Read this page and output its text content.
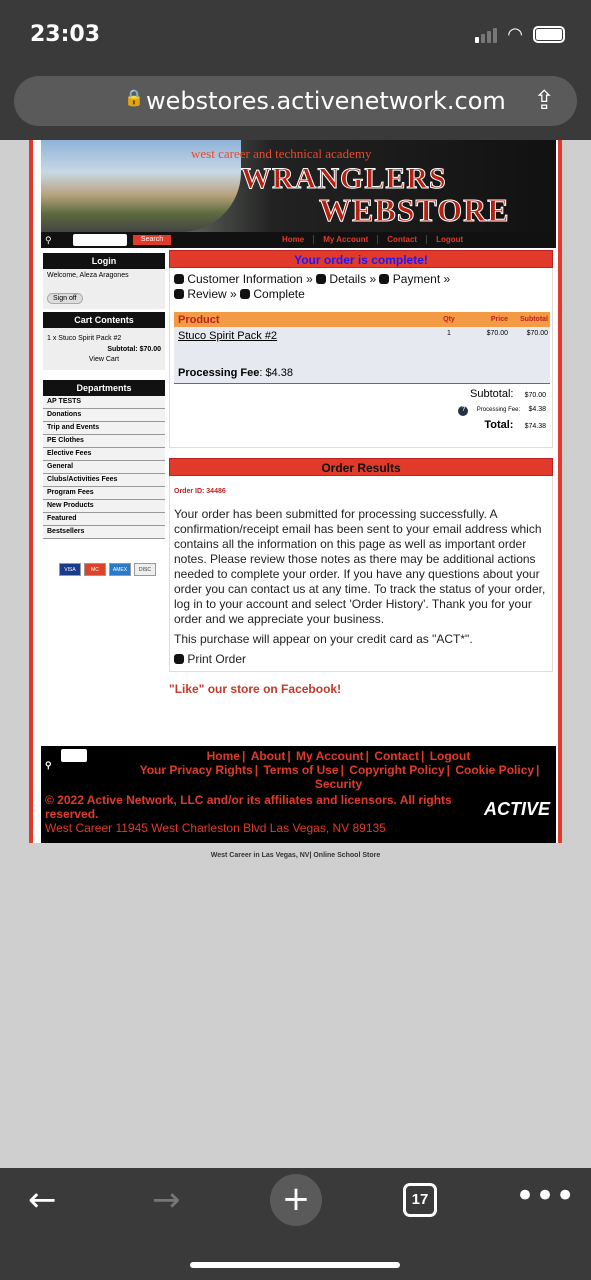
23:03	◠
🔒 webstores.activenetwork.com ⇪
west career and technical academy
WRANGLERS
WEBSTORE
⚲	Search	Home	My Account	Contact	Logout
Login
Welcome, Aleza Aragones
Sign off
Cart Contents
1 x Stuco Spirit Pack #2
Subtotal: $70.00
View Cart
Departments
AP TESTS
Donations
Trip and Events
PE Clothes
Elective Fees
General
Clubs/Activities Fees
Program Fees
New Products
Featured
Bestsellers
VISA	MC	AMEX	DISC
Your order is complete!
Customer Information »  Details »  Payment »
Review »  Complete
Product	Qty	Price	Subtotal
Stuco Spirit Pack #2	1	$70.00	$70.00
Processing Fee: $4.38
Subtotal: $70.00
? Processing Fee: $4.38
Total: $74.38
Order Results
Order ID: 34486

Your order has been submitted for processing successfully. A confirmation/receipt email has been sent to your email address which contains all the information on this page as well as important order notes. Please review those notes as there may be additional actions needed to complete your order. If you have any questions about your order you can contact us at any time. To track the status of your order, log in to your account and select 'Order History'. Thank you for your order and we appreciate your business.

This purchase will appear on your credit card as "ACT*".

Print Order
"Like" our store on Facebook!
⚲
Home | About | My Account | Contact | Logout
Your Privacy Rights | Terms of Use | Copyright Policy | Cookie Policy | Security
© 2022 Active Network, LLC and/or its affiliates and licensors. All rights reserved.
West Career 11945 West Charleston Blvd Las Vegas, NV 89135
ACTIVE
West Career in Las Vegas, NV| Online School Store
←	→	+	17	•••
